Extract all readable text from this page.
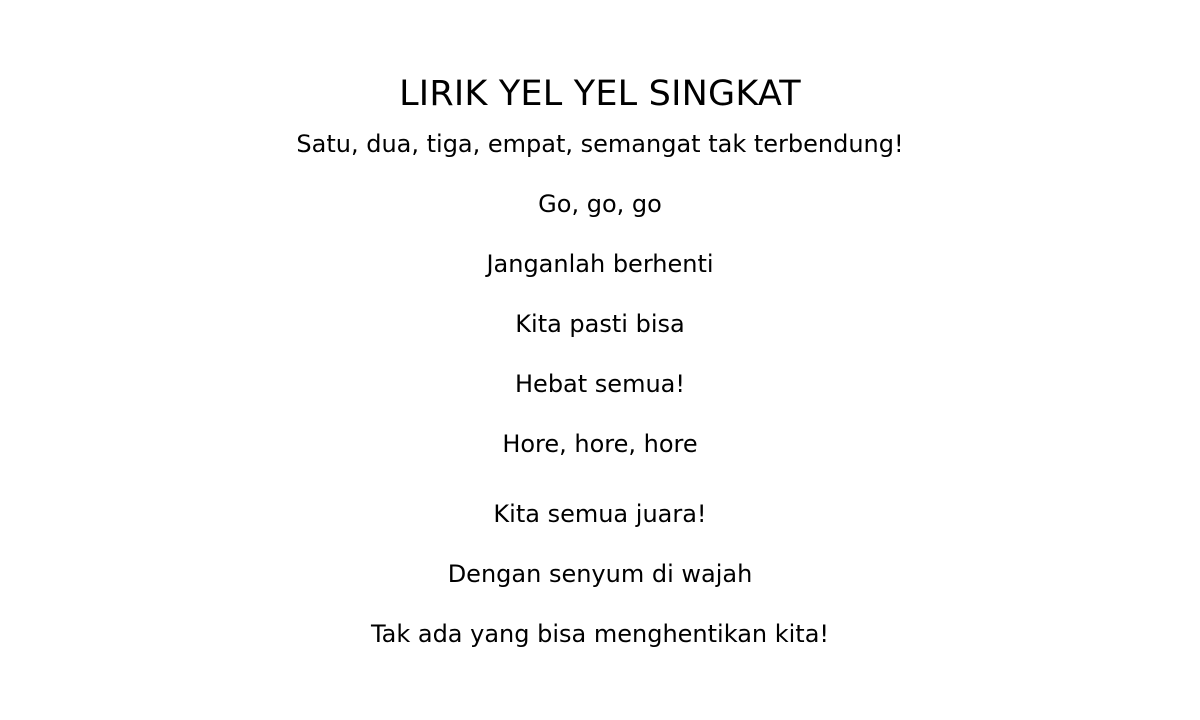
LIRIK YEL YEL SINGKAT
Satu, dua, tiga, empat, semangat tak terbendung!
Go, go, go
Janganlah berhenti
Kita pasti bisa
Hebat semua!
Hore, hore, hore
Kita semua juara!
Dengan senyum di wajah
Tak ada yang bisa menghentikan kita!
